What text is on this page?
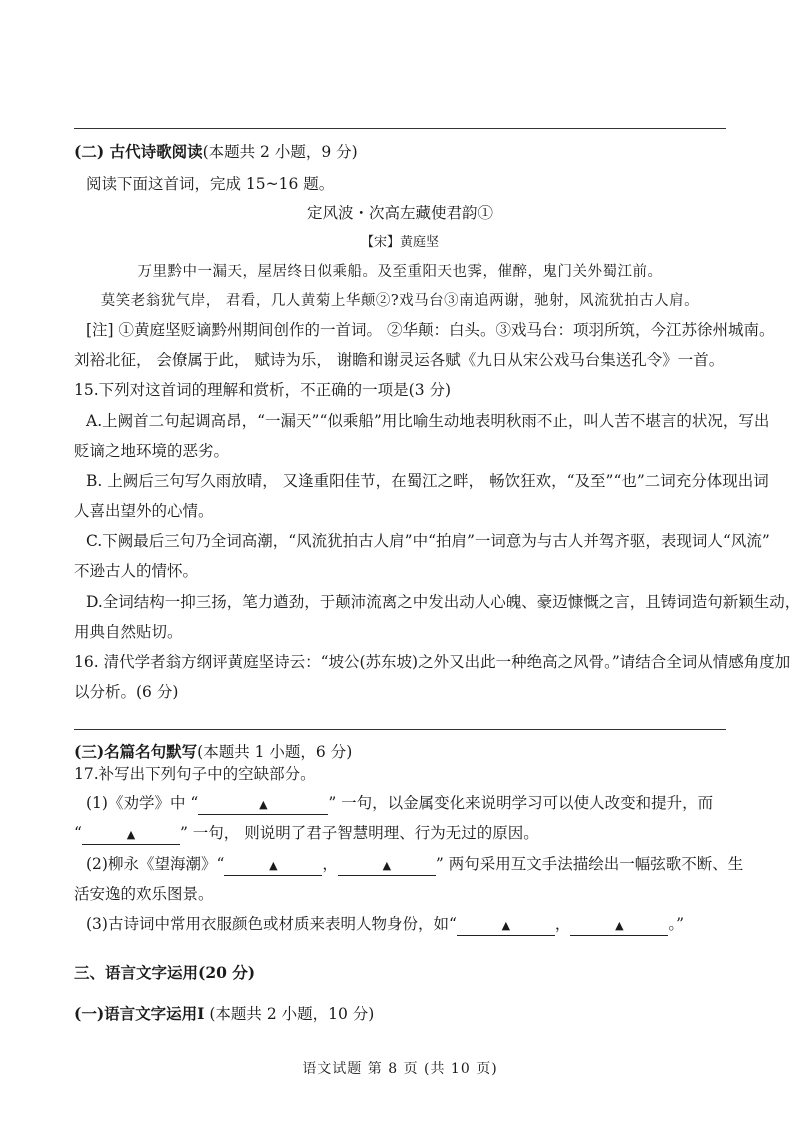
(二) 古代诗歌阅读(本题共 2 小题，9 分)
阅读下面这首词，完成 15~16 题。
定风波・次高左藏使君韵①
【宋】黄庭坚
万里黔中一漏天，屋居终日似乘船。及至重阳天也霁，催醉，鬼门关外蜀江前。
莫笑老翁犹气岸， 君看，几人黄菊上华颠②?戏马台③南追两谢，驰射，风流犹拍古人肩。
[注] ①黄庭坚贬谪黔州期间创作的一首词。 ②华颠：白头。③戏马台：项羽所筑，今江苏徐州城南。
刘裕北征， 会僚属于此， 赋诗为乐， 谢瞻和谢灵运各赋《九日从宋公戏马台集送孔令》一首。
15.下列对这首词的理解和赏析，不正确的一项是(3 分)
A.上阙首二句起调高昂，“一漏天”“似乘船”用比喻生动地表明秋雨不止，叫人苦不堪言的状况，写出
贬谪之地环境的恶劣。
B. 上阙后三句写久雨放晴， 又逢重阳佳节，在蜀江之畔， 畅饮狂欢，“及至”“也”二词充分体现出词
人喜出望外的心情。
C.下阙最后三句乃全词高潮，“风流犹拍古人肩”中“拍肩”一词意为与古人并驾齐驱，表现词人“风流”
不逊古人的情怀。
D.全词结构一抑三扬，笔力遒劲，于颠沛流离之中发出动人心魄、豪迈慷慨之言，且铸词造句新颖生动，
用典自然贴切。
16. 清代学者翁方纲评黄庭坚诗云：“坡公(苏东坡)之外又出此一种绝高之风骨。”请结合全词从情感角度加
以分析。(6 分)
(三)名篇名句默写(本题共 1 小题，6 分)
17.补写出下列句子中的空缺部分。
(1)《劝学》中 “	▲	” 一句，以金属变化来说明学习可以使人改变和提升，而
“	▲	” 一句， 则说明了君子智慧明理、行为无过的原因。
(2)柳永《望海潮》“	▲	，	▲	” 两句采用互文手法描绘出一幅弦歌不断、生
活安逸的欢乐图景。
(3)古诗词中常用衣服颜色或材质来表明人物身份，如“	▲	，	▲	。”
三、语言文字运用(20 分)
(一)语言文字运用Ⅰ (本题共 2 小题，10 分)
语文试题 第 8 页 (共 10 页)
